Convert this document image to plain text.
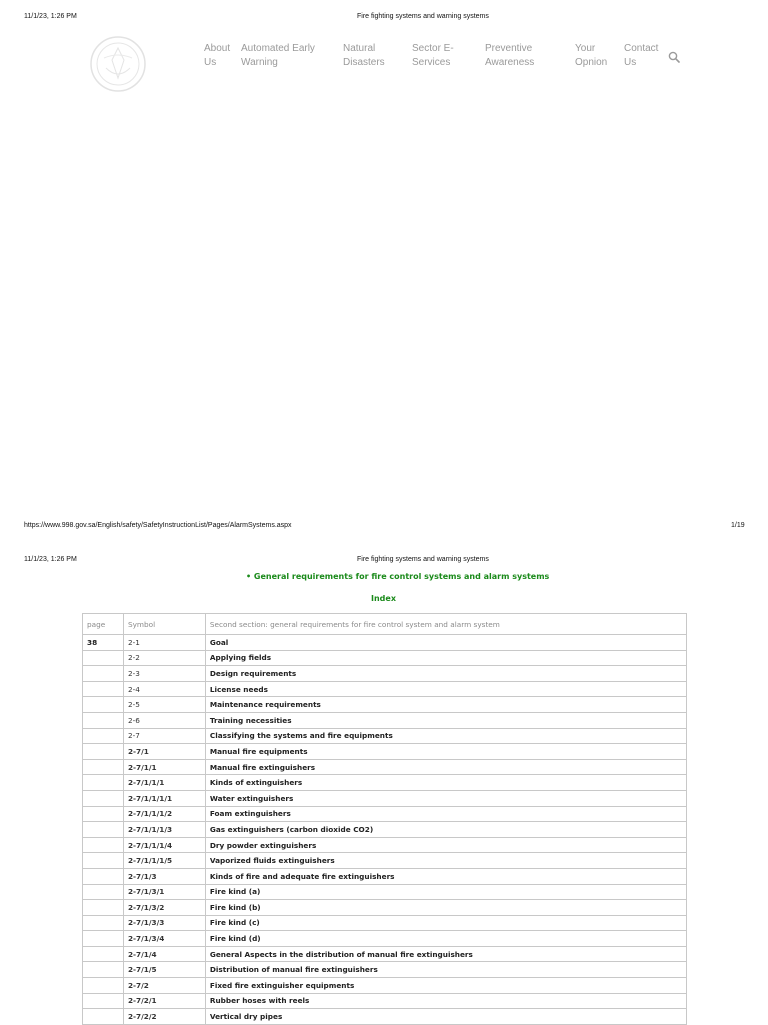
11/1/23, 1:26 PM	Fire fighting systems and warning systems
About
Us
Automated Early
Warning
Natural
Disasters
Sector E-
Services
Preventive
Awareness
Your
Opnion
Contact
Us
https://www.998.gov.sa/English/safety/SafetyInstructionList/Pages/AlarmSystems.aspx	1/19
11/1/23, 1:26 PM	Fire fighting systems and warning systems
• General requirements for fire control systems and alarm systems
Index
page	Symbol	Second section: general requirements for fire control system and alarm system
38	2-1	Goal
	2-2	Applying fields
	2-3	Design requirements
	2-4	License needs
	2-5	Maintenance requirements
	2-6	Training necessities
	2-7	Classifying the systems and fire equipments
	2-7/1	Manual fire equipments
	2-7/1/1	Manual fire extinguishers
	2-7/1/1/1	Kinds of extinguishers
	2-7/1/1/1/1	Water extinguishers
	2-7/1/1/1/2	Foam extinguishers
	2-7/1/1/1/3	Gas extinguishers (carbon dioxide CO2)
	2-7/1/1/1/4	Dry powder extinguishers
	2-7/1/1/1/5	Vaporized fluids extinguishers
	2-7/1/3	Kinds of fire and adequate fire extinguishers
	2-7/1/3/1	Fire kind (a)
	2-7/1/3/2	Fire kind (b)
	2-7/1/3/3	Fire kind (c)
	2-7/1/3/4	Fire kind (d)
	2-7/1/4	General Aspects in the distribution of manual fire extinguishers
	2-7/1/5	Distribution of manual fire extinguishers
	2-7/2	Fixed fire extinguisher equipments
	2-7/2/1	Rubber hoses with reels
	2-7/2/2	Vertical dry pipes
